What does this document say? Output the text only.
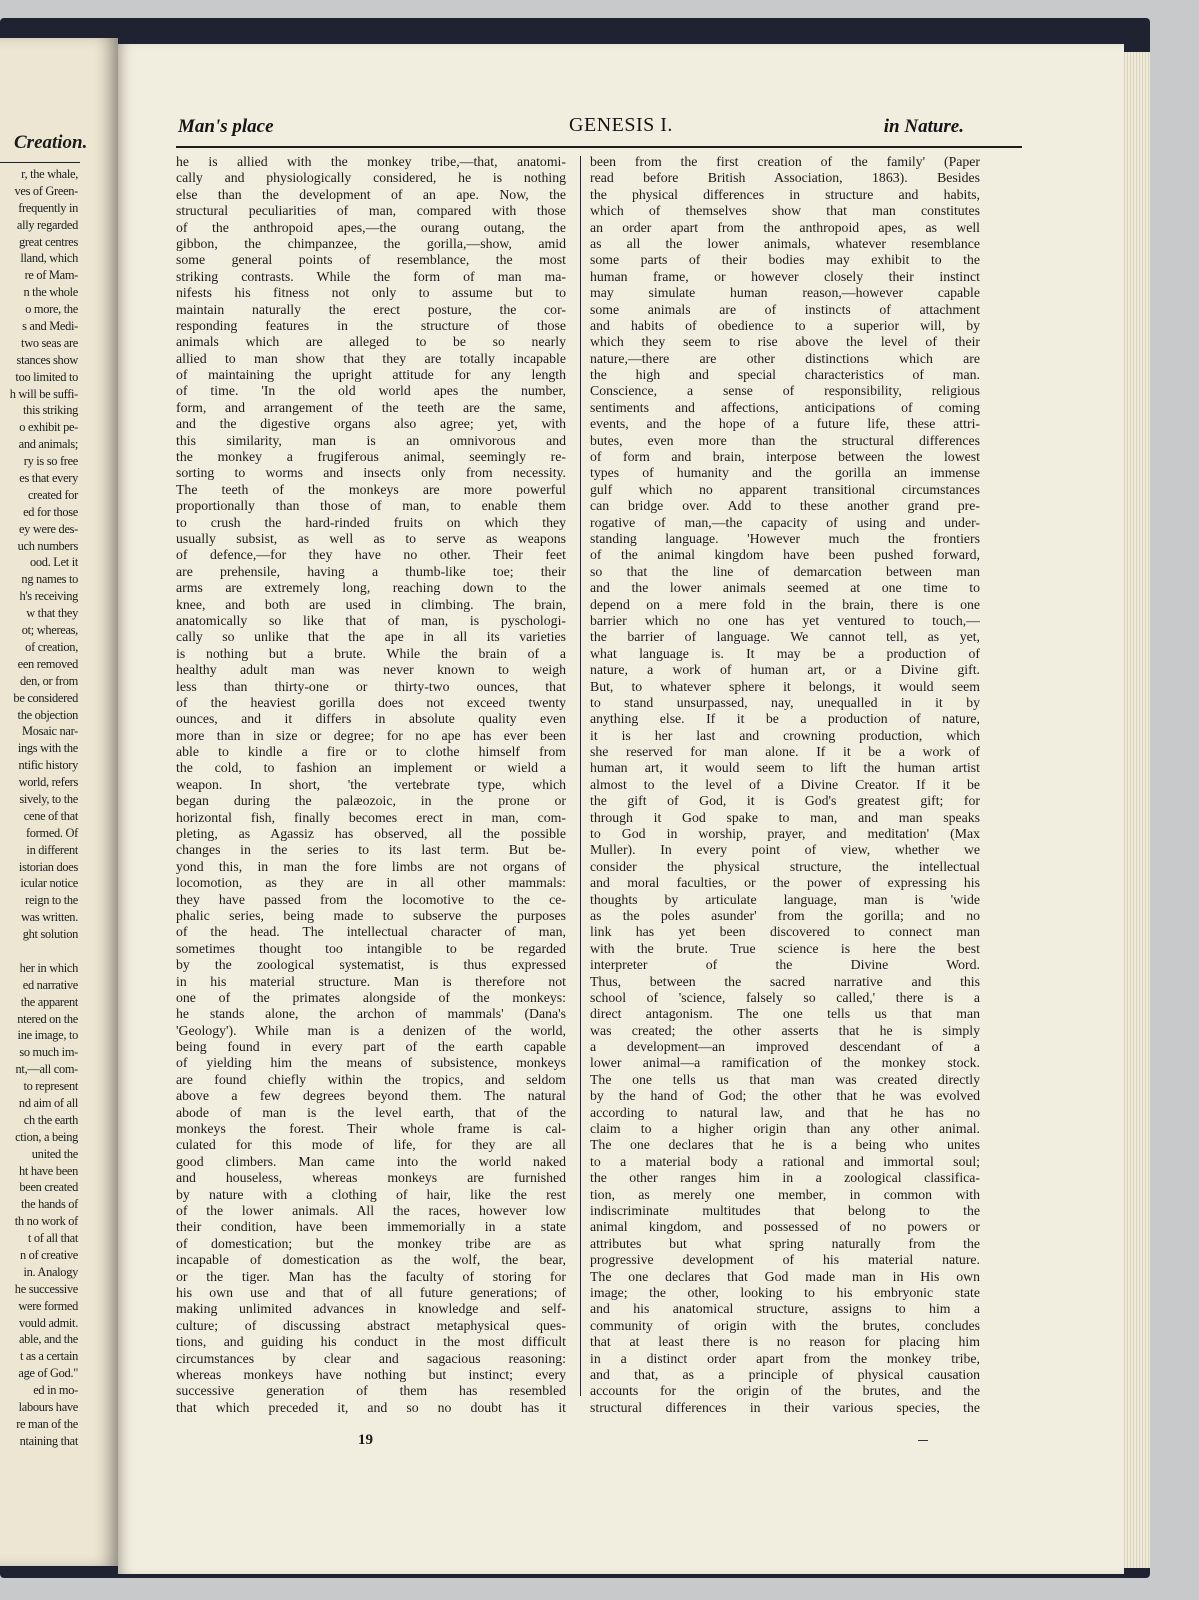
Creation.
r, the whale,
ves of Green-
frequently in
ally regarded
great centres
lland, which
re of Mam-
n the whole
o more, the
s and Medi-
two seas are
stances show
too limited to
h will be suffi-
this striking
o exhibit pe-
and animals;
ry is so free
es that every
created for
ed for those
ey were des-
uch numbers
ood. Let it
ng names to
h's receiving
w that they
ot; whereas,
of creation,
een removed
den, or from
be considered
the objection
Mosaic nar-
ings with the
ntific history
world, refers
sively, to the
cene of that
formed. Of
in different
istorian does
icular notice
reign to the
was written.
ght solution
her in which
ed narrative
the apparent
ntered on the
ine image, to
so much im-
nt,—all com-
to represent
nd aim of all
ch the earth
ction, a being
united the
ht have been
been created
the hands of
th no work of
t of all that
n of creative
in. Analogy
he successive
were formed
vould admit.
able, and the
t as a certain
age of God."
ed in mo-
labours have
re man of the
ntaining that
Man's place	GENESIS I.	in Nature.
he is allied with the monkey tribe,—that, anatomi-
cally and physiologically considered, he is nothing
else than the development of an ape. Now, the
structural peculiarities of man, compared with those
of the anthropoid apes,—the ourang outang, the
gibbon, the chimpanzee, the gorilla,—show, amid
some general points of resemblance, the most
striking contrasts. While the form of man ma-
nifests his fitness not only to assume but to
maintain naturally the erect posture, the cor-
responding features in the structure of those
animals which are alleged to be so nearly
allied to man show that they are totally incapable
of maintaining the upright attitude for any length
of time. 'In the old world apes the number,
form, and arrangement of the teeth are the same,
and the digestive organs also agree; yet, with
this similarity, man is an omnivorous and
the monkey a frugiferous animal, seemingly re-
sorting to worms and insects only from necessity.
The teeth of the monkeys are more powerful
proportionally than those of man, to enable them
to crush the hard-rinded fruits on which they
usually subsist, as well as to serve as weapons
of defence,—for they have no other. Their feet
are prehensile, having a thumb-like toe; their
arms are extremely long, reaching down to the
knee, and both are used in climbing. The brain,
anatomically so like that of man, is pyschologi-
cally so unlike that the ape in all its varieties
is nothing but a brute. While the brain of a
healthy adult man was never known to weigh
less than thirty-one or thirty-two ounces, that
of the heaviest gorilla does not exceed twenty
ounces, and it differs in absolute quality even
more than in size or degree; for no ape has ever been
able to kindle a fire or to clothe himself from
the cold, to fashion an implement or wield a
weapon. In short, 'the vertebrate type, which
began during the palæozoic, in the prone or
horizontal fish, finally becomes erect in man, com-
pleting, as Agassiz has observed, all the possible
changes in the series to its last term. But be-
yond this, in man the fore limbs are not organs of
locomotion, as they are in all other mammals:
they have passed from the locomotive to the ce-
phalic series, being made to subserve the purposes
of the head. The intellectual character of man,
sometimes thought too intangible to be regarded
by the zoological systematist, is thus expressed
in his material structure. Man is therefore not
one of the primates alongside of the monkeys:
he stands alone, the archon of mammals' (Dana's
'Geology'). While man is a denizen of the world,
being found in every part of the earth capable
of yielding him the means of subsistence, monkeys
are found chiefly within the tropics, and seldom
above a few degrees beyond them. The natural
abode of man is the level earth, that of the
monkeys the forest. Their whole frame is cal-
culated for this mode of life, for they are all
good climbers. Man came into the world naked
and houseless, whereas monkeys are furnished
by nature with a clothing of hair, like the rest
of the lower animals. All the races, however low
their condition, have been immemorially in a state
of domestication; but the monkey tribe are as
incapable of domestication as the wolf, the bear,
or the tiger. Man has the faculty of storing for
his own use and that of all future generations; of
making unlimited advances in knowledge and self-
culture; of discussing abstract metaphysical ques-
tions, and guiding his conduct in the most difficult
circumstances by clear and sagacious reasoning:
whereas monkeys have nothing but instinct; every
successive generation of them has resembled
that which preceded it, and so no doubt has it
been from the first creation of the family' (Paper
read before British Association, 1863). Besides
the physical differences in structure and habits,
which of themselves show that man constitutes
an order apart from the anthropoid apes, as well
as all the lower animals, whatever resemblance
some parts of their bodies may exhibit to the
human frame, or however closely their instinct
may simulate human reason,—however capable
some animals are of instincts of attachment
and habits of obedience to a superior will, by
which they seem to rise above the level of their
nature,—there are other distinctions which are
the high and special characteristics of man.
Conscience, a sense of responsibility, religious
sentiments and affections, anticipations of coming
events, and the hope of a future life, these attri-
butes, even more than the structural differences
of form and brain, interpose between the lowest
types of humanity and the gorilla an immense
gulf which no apparent transitional circumstances
can bridge over. Add to these another grand pre-
rogative of man,—the capacity of using and under-
standing language. 'However much the frontiers
of the animal kingdom have been pushed forward,
so that the line of demarcation between man
and the lower animals seemed at one time to
depend on a mere fold in the brain, there is one
barrier which no one has yet ventured to touch,—
the barrier of language. We cannot tell, as yet,
what language is. It may be a production of
nature, a work of human art, or a Divine gift.
But, to whatever sphere it belongs, it would seem
to stand unsurpassed, nay, unequalled in it by
anything else. If it be a production of nature,
it is her last and crowning production, which
she reserved for man alone. If it be a work of
human art, it would seem to lift the human artist
almost to the level of a Divine Creator. If it be
the gift of God, it is God's greatest gift; for
through it God spake to man, and man speaks
to God in worship, prayer, and meditation' (Max
Muller). In every point of view, whether we
consider the physical structure, the intellectual
and moral faculties, or the power of expressing his
thoughts by articulate language, man is 'wide
as the poles asunder' from the gorilla; and no
link has yet been discovered to connect man
with the brute. True science is here the best
interpreter of the Divine Word.
Thus, between the sacred narrative and this
school of 'science, falsely so called,' there is a
direct antagonism. The one tells us that man
was created; the other asserts that he is simply
a development—an improved descendant of a
lower animal—a ramification of the monkey stock.
The one tells us that man was created directly
by the hand of God; the other that he was evolved
according to natural law, and that he has no
claim to a higher origin than any other animal.
The one declares that he is a being who unites
to a material body a rational and immortal soul;
the other ranges him in a zoological classifica-
tion, as merely one member, in common with
indiscriminate multitudes that belong to the
animal kingdom, and possessed of no powers or
attributes but what spring naturally from the
progressive development of his material nature.
The one declares that God made man in His own
image; the other, looking to his embryonic state
and his anatomical structure, assigns to him a
community of origin with the brutes, concludes
that at least there is no reason for placing him
in a distinct order apart from the monkey tribe,
and that, as a principle of physical causation
accounts for the origin of the brutes, and the
structural differences in their various species, the
19
